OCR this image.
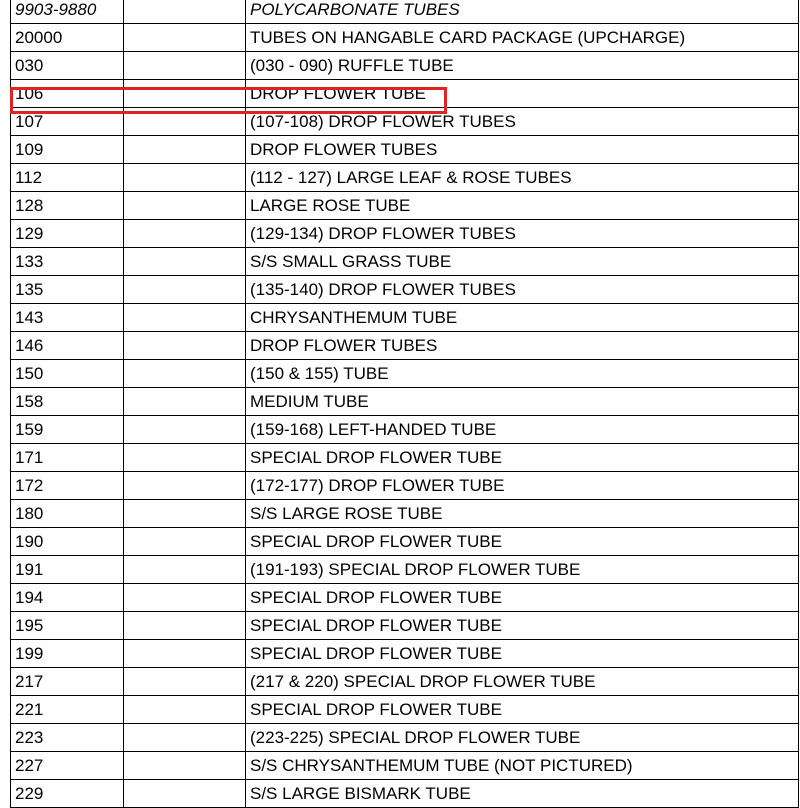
9903-9880		POLYCARBONATE TUBES
20000		TUBES ON HANGABLE CARD PACKAGE (UPCHARGE)
030		(030 - 090) RUFFLE TUBE
106		DROP FLOWER TUBE
107		(107-108) DROP FLOWER TUBES
109		DROP FLOWER TUBES
112		(112 - 127) LARGE LEAF & ROSE TUBES
128		LARGE ROSE TUBE
129		(129-134) DROP FLOWER TUBES
133		S/S SMALL GRASS TUBE
135		(135-140) DROP FLOWER TUBES
143		CHRYSANTHEMUM TUBE
146		DROP FLOWER TUBES
150		(150 & 155) TUBE
158		MEDIUM TUBE
159		(159-168) LEFT-HANDED TUBE
171		SPECIAL DROP FLOWER TUBE
172		(172-177) DROP FLOWER TUBE
180		S/S LARGE ROSE TUBE
190		SPECIAL DROP FLOWER TUBE
191		(191-193) SPECIAL DROP FLOWER TUBE
194		SPECIAL DROP FLOWER TUBE
195		SPECIAL DROP FLOWER TUBE
199		SPECIAL DROP FLOWER TUBE
217		(217 & 220) SPECIAL DROP FLOWER TUBE
221		SPECIAL DROP FLOWER TUBE
223		(223-225) SPECIAL DROP FLOWER TUBE
227		S/S CHRYSANTHEMUM TUBE (NOT PICTURED)
229		S/S LARGE BISMARK TUBE
